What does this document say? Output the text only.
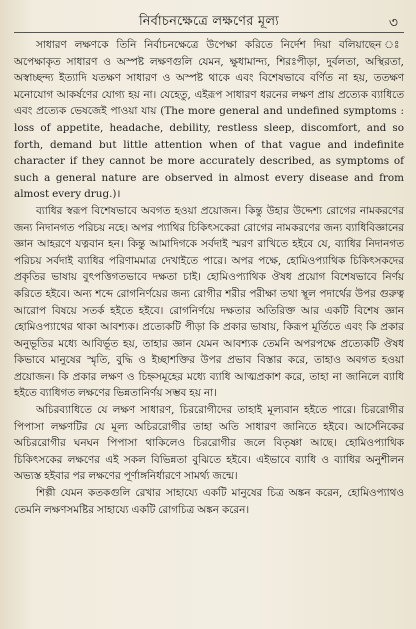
নির্বাচনক্ষেত্রে লক্ষণের মূল্য	৩

সাধারণ লক্ষণকে তিনি নির্বাচনক্ষেত্রে উপেক্ষা করিতে নির্দেশ দিয়া বলিয়াছেন ঃ অপেক্ষাকৃত সাধারণ ও অস্পষ্ট লক্ষণগুলি যেমন, ক্ষুধামান্দ্য, শিরঃপীড়া, দুর্বলতা, অস্থিরতা, অস্বাচ্ছন্দ্য ইত্যাদি যতক্ষণ সাধারণ ও অস্পষ্ট থাকে এবং বিশেষভাবে বর্ণিত না হয়, ততক্ষণ মনোযোগ আকর্ষণের যোগ্য হয় না। যেহেতু, এইরূপ সাধারণ ধরনের লক্ষণ প্রায় প্রত্যেক ব্যাধিতে এবং প্রত্যেক ভেষজেই পাওয়া যায় (The more general and undefined symptoms : loss of appetite, headache, debility, restless sleep, discomfort, and so forth, demand but little attention when of that vague and indefinite character if they cannot be more accurately described, as symptoms of such a general nature are observed in almost every disease and from almost every drug.)।

ব্যাধির স্বরূপ বিশেষভাবে অবগত হওয়া প্রয়োজন। কিন্তু উহার উদ্দেশ্য রোগের নামকরণের জন্য নিদানগত পরিচয় নহে। অপর প্যাথির চিকিৎসকেরা রোগের নামকরণের জন্য ব্যাধিবিজ্ঞানের জ্ঞান আহরণে যত্নবান হন। কিন্তু আমাদিগকে সর্বদাই স্মরণ রাখিতে হইবে যে, ব্যাধির নিদানগত পরিচয় সর্বদাই ব্যাধির পরিণামমাত্র দেখাইতে পারে। অপর পক্ষে, হোমিওপ্যাথিক চিকিৎসকদের প্রকৃতির ভাষায় বুৎপত্তিগতভাবে দক্ষতা চাই। হোমিওপ্যাথিক ঔষধ প্রয়োগ বিশেষভাবে নির্ণয় করিতে হইবে। অন্য শব্দে রোগনির্ণয়ের জন্য রোগীর শরীর পরীক্ষা তথা স্থূল পদার্থের উপর গুরুত্ব আরোপ বিষয়ে সতর্ক হইতে হইবে। রোগনির্ণয়ে দক্ষতার অতিরিক্ত আর একটি বিশেষ জ্ঞান হোমিওপ্যাথের থাকা আবশ্যক। প্রত্যেকটি পীড়া কি প্রকার ভাষায়, কিরূপ মূর্তিতে এবং কি প্রকার অনুভূতির মধ্যে আবির্ভূত হয়, তাহার জ্ঞান যেমন আবশ্যক তেমনি অপরপক্ষে প্রত্যেকটি ঔষধ কিভাবে মানুষের স্মৃতি, বুদ্ধি ও ইচ্ছাশক্তির উপর প্রভাব বিস্তার করে, তাহাও অবগত হওয়া প্রয়োজন। কি প্রকার লক্ষণ ও চিহ্নসমূহের মধ্যে ব্যাধি আত্মপ্রকাশ করে, তাহা না জানিলে ব্যাধি হইতে ব্যাধিগত লক্ষণের ভিন্নতানির্ণয় সম্ভব হয় না।

অচিরব্যাধিতে যে লক্ষণ সাধারণ, চিররোগীদের তাহাই মূল্যবান হইতে পারে। চিররোগীর পিপাসা লক্ষণটির যে মূল্য অচিররোগীর তাহা অতি সাধারণ জানিতে হইবে। আর্সেনিকের অচিররোগীর ঘনঘন পিপাসা থাকিলেও চিররোগীর জলে বিতৃষ্ণা আছে। হোমিওপ্যাথিক চিকিৎসকের লক্ষণের এই সকল বিভিন্নতা বুঝিতে হইবে। এইভাবে ব্যাধি ও ব্যাধির অনুশীলন অভ্যস্ত হইবার পর লক্ষণের পূর্ণাঙ্গনির্ধারণে সামর্থ্য জন্মে।

শিল্পী যেমন কতকগুলি রেখার সাহায্যে একটি মানুষের চিত্র অঙ্কন করেন, হোমিওপ্যাথও তেমনি লক্ষণসমষ্টির সাহায্যে একটি রোগচিত্র অঙ্কন করেন।
